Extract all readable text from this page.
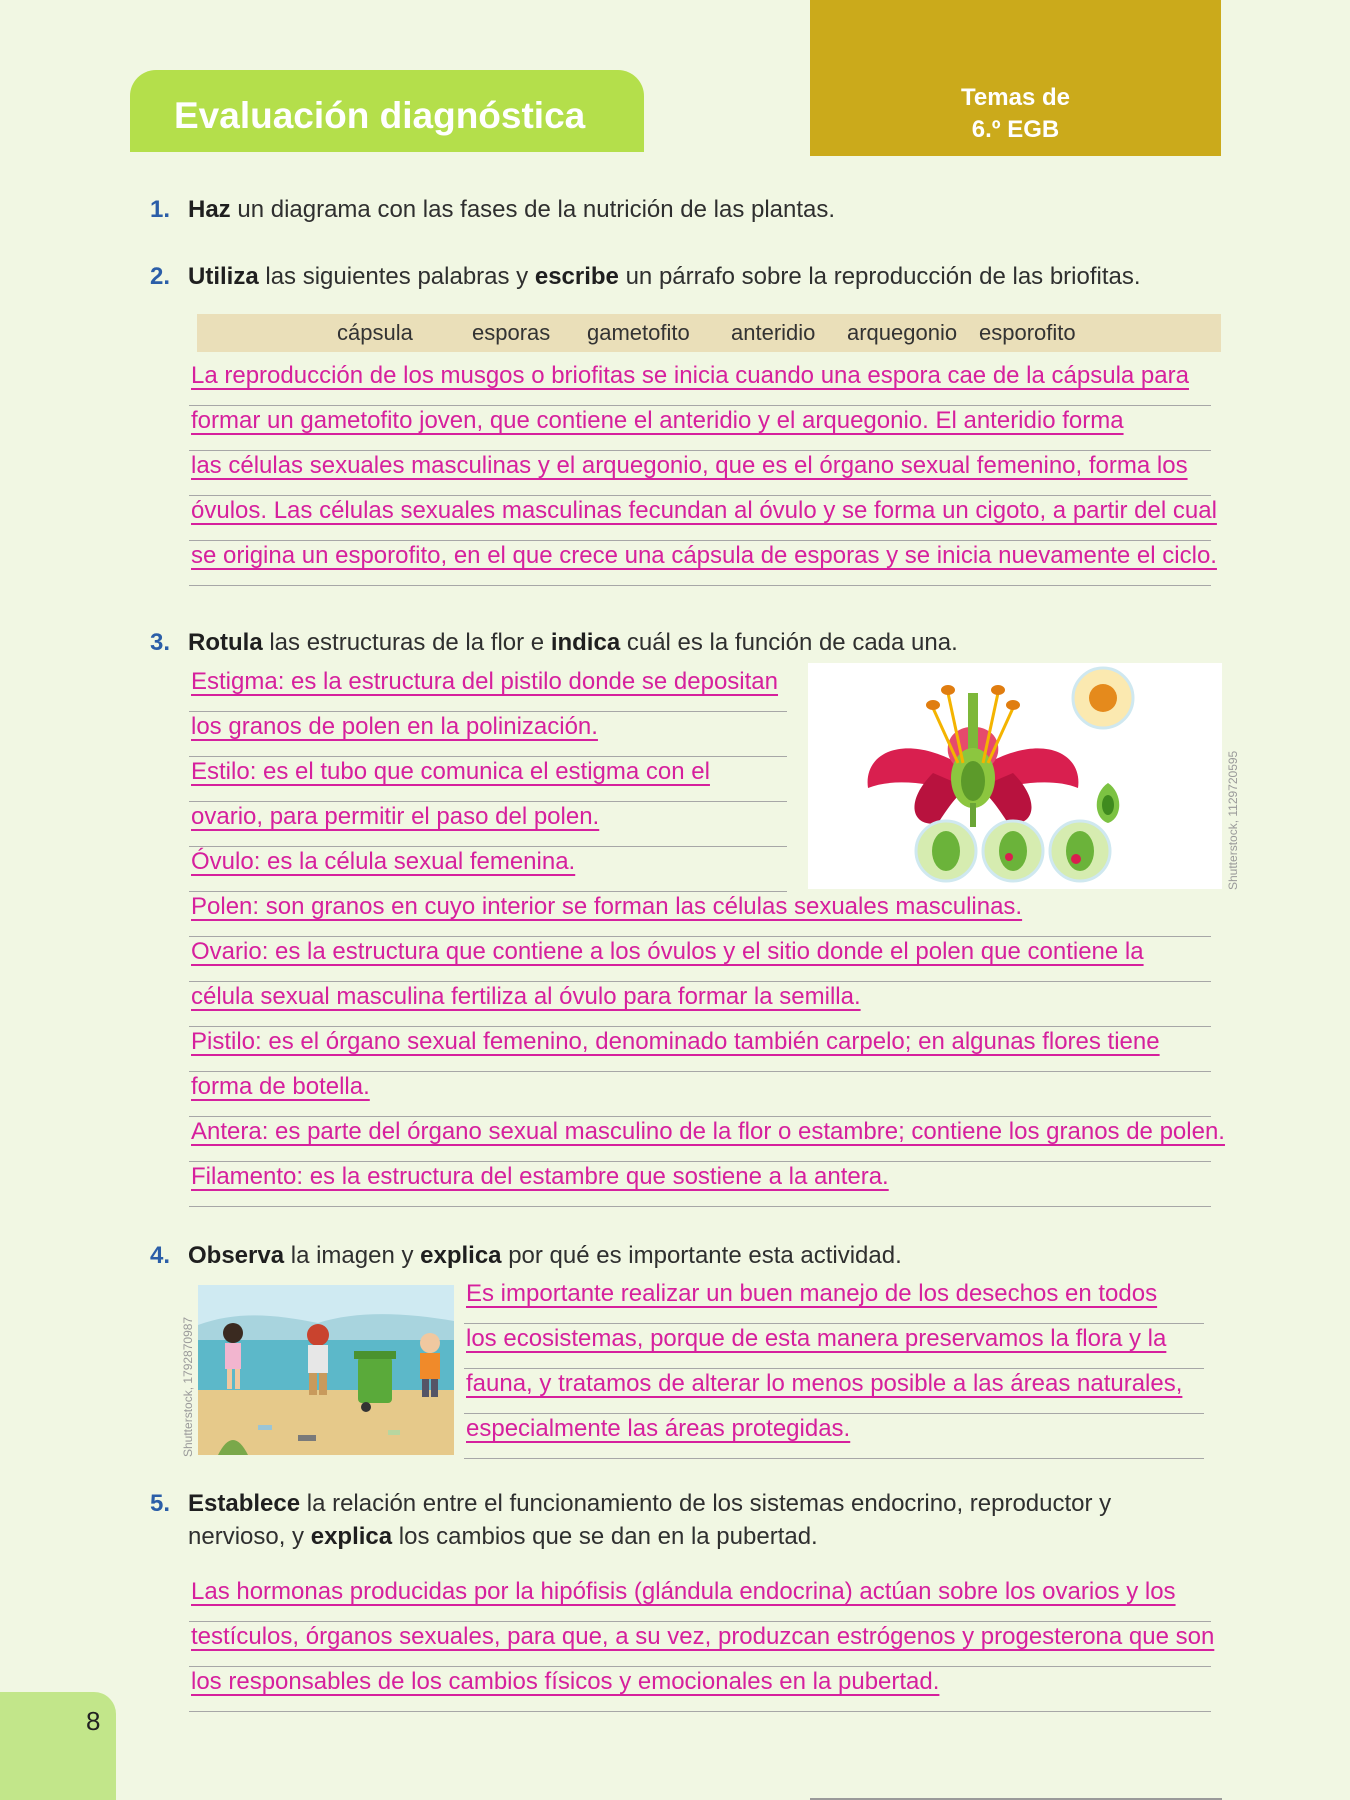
Evaluación diagnóstica	Temas de
6.º EGB
1. Haz un diagrama con las fases de la nutrición de las plantas.
2. Utiliza las siguientes palabras y escribe un párrafo sobre la reproducción de las briofitas.
cápsula	esporas gametofito anteridio arquegonio esporofito
La reproducción de los musgos o briofitas se inicia cuando una espora cae de la cápsula para
formar un gametofito joven, que contiene el anteridio y el arquegonio. El anteridio forma
las células sexuales masculinas y el arquegonio, que es el órgano sexual femenino, forma los
óvulos. Las células sexuales masculinas fecundan al óvulo y se forma un cigoto, a partir del cual
se origina un esporofito, en el que crece una cápsula de esporas y se inicia nuevamente el ciclo.
3. Rotula las estructuras de la flor e indica cuál es la función de cada una.
Estigma: es la estructura del pistilo donde se depositan
los granos de polen en la polinización.
Estilo: es el tubo que comunica el estigma con el
ovario, para permitir el paso del polen.
Óvulo: es la célula sexual femenina.	Shutterstock, 1129720595
Polen: son granos en cuyo interior se forman las células sexuales masculinas.
Ovario: es la estructura que contiene a los óvulos y el sitio donde el polen que contiene la
célula sexual masculina fertiliza al óvulo para formar la semilla.
Pistilo: es el órgano sexual femenino, denominado también carpelo; en algunas flores tiene
forma de botella.
Antera: es parte del órgano sexual masculino de la flor o estambre; contiene los granos de polen.
Filamento: es la estructura del estambre que sostiene a la antera.
4. Observa la imagen y explica por qué es importante esta actividad.
Shutterstock, 1792870987
Es importante realizar un buen manejo de los desechos en todos
los ecosistemas, porque de esta manera preservamos la flora y la
fauna, y tratamos de alterar lo menos posible a las áreas naturales,
especialmente las áreas protegidas.
5. Establece la relación entre el funcionamiento de los sistemas endocrino, reproductor y
nervioso, y explica los cambios que se dan en la pubertad.
Las hormonas producidas por la hipófisis (glándula endocrina) actúan sobre los ovarios y los
testículos, órganos sexuales, para que, a su vez, produzcan estrógenos y progesterona que son
los responsables de los cambios físicos y emocionales en la pubertad.
8
